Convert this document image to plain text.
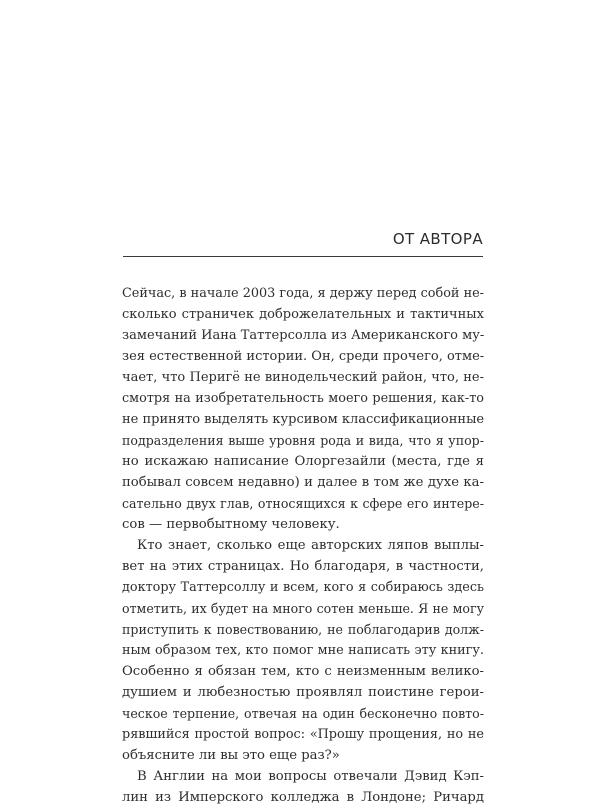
ОТ АВТОРА
Сейчас, в начале 2003 года, я держу перед собой не-
сколько страничек доброжелательных и тактичных
замечаний Иана Таттерсолла из Американского му-
зея естественной истории. Он, среди прочего, отме-
чает, что Перигё не винодельческий район, что, не-
смотря на изобретательность моего решения, как-то
не принято выделять курсивом классификационные
подразделения выше уровня рода и вида, что я упор-
но искажаю написание Олоргезайли (места, где я
побывал совсем недавно) и далее в том же духе ка-
сательно двух глав, относящихся к сфере его интере-
сов — первобытному человеку.
Кто знает, сколько еще авторских ляпов выплы-
вет на этих страницах. Но благодаря, в частности,
доктору Таттерсоллу и всем, кого я собираюсь здесь
отметить, их будет на много сотен меньше. Я не могу
приступить к повествованию, не поблагодарив долж-
ным образом тех, кто помог мне написать эту книгу.
Особенно я обязан тем, кто с неизменным велико-
душием и любезностью проявлял поистине герои-
ческое терпение, отвечая на один бесконечно повто-
рявшийся простой вопрос: «Прошу прощения, но не
объясните ли вы это еще раз?»
В Англии на мои вопросы отвечали Дэвид Кэп-
лин из Имперского колледжа в Лондоне; Ричард
